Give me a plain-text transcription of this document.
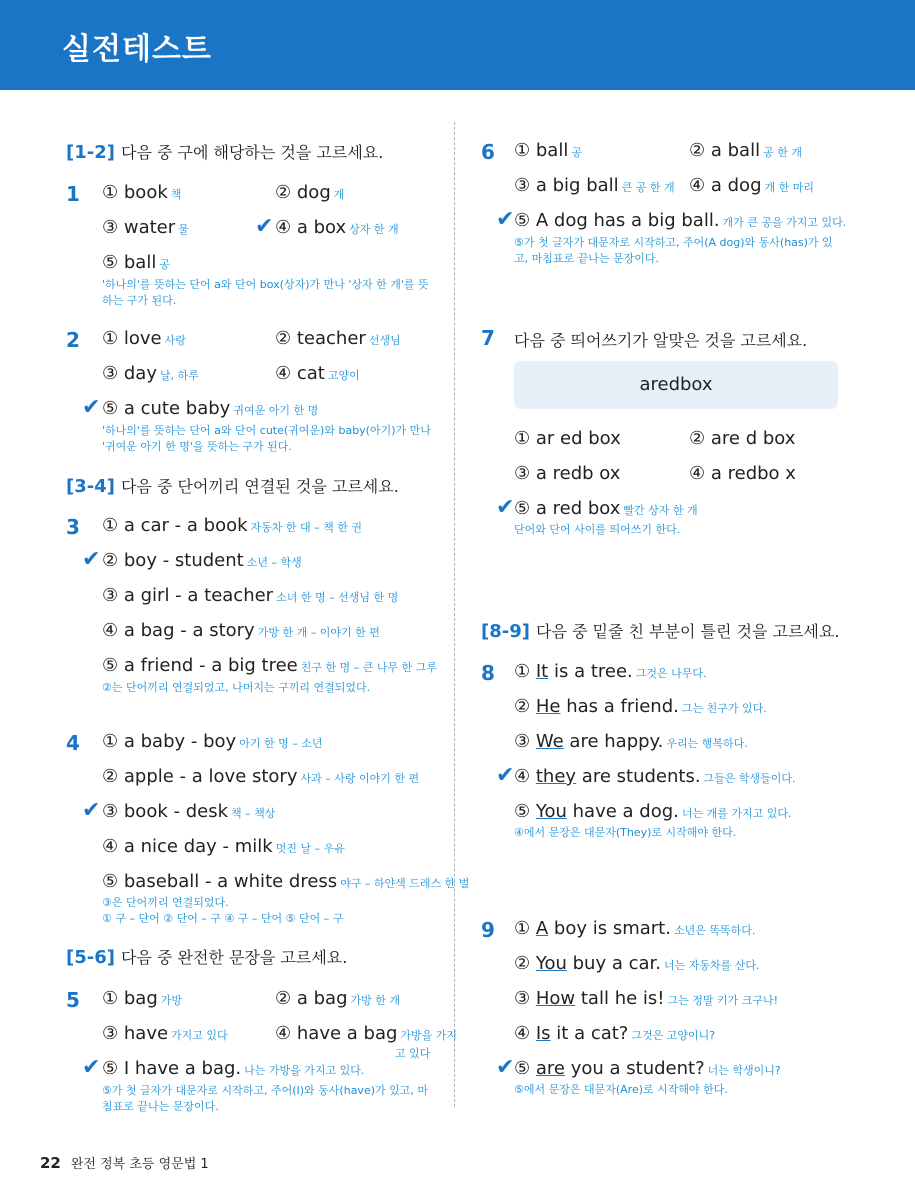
실전테스트
[1-2] 다음 중 구에 해당하는 것을 고르세요.
1 ① book 책	② dog 개
③ water 물	✔ ④ a box 상자 한 개
⑤ ball 공
'하나의'를 뜻하는 단어 a와 단어 box(상자)가 만나 '상자 한 개'를 뜻하는 구가 된다.
2 ① love 사랑	② teacher 선생님
③ day 날, 하루	④ cat 고양이
✔ ⑤ a cute baby 귀여운 아기 한 명
'하나의'를 뜻하는 단어 a와 단어 cute(귀여운)와 baby(아기)가 만나 '귀여운 아기 한 명'을 뜻하는 구가 된다.
[3-4] 다음 중 단어끼리 연결된 것을 고르세요.
3 ① a car - a book 자동차 한 대 – 책 한 권
✔ ② boy - student 소년 – 학생
③ a girl - a teacher 소녀 한 명 – 선생님 한 명
④ a bag - a story 가방 한 개 – 이야기 한 편
⑤ a friend - a big tree 친구 한 명 – 큰 나무 한 그루
②는 단어끼리 연결되었고, 나머지는 구끼리 연결되었다.
4 ① a baby - boy 아기 한 명 – 소년
② apple - a love story 사과 – 사랑 이야기 한 편
✔ ③ book - desk 책 – 책상
④ a nice day - milk 멋진 날 – 우유
⑤ baseball - a white dress 야구 – 하얀색 드레스 한 벌
③은 단어끼리 연결되었다.
① 구 – 단어 ② 단어 – 구 ④ 구 – 단어 ⑤ 단어 – 구
[5-6] 다음 중 완전한 문장을 고르세요.
5 ① bag 가방	② a bag 가방 한 개
③ have 가지고 있다	④ have a bag 가방을 가지
고 있다
✔ ⑤ I have a bag. 나는 가방을 가지고 있다.
⑤가 첫 글자가 대문자로 시작하고, 주어(I)와 동사(have)가 있고, 마침표로 끝나는 문장이다.
6 ① ball 공	② a ball 공 한 개
③ a big ball 큰 공 한 개 ④ a dog 개 한 마리
✔ ⑤ A dog has a big ball. 개가 큰 공을 가지고 있다.
⑤가 첫 글자가 대문자로 시작하고, 주어(A dog)와 동사(has)가 있고, 마침표로 끝나는 문장이다.
7 다음 중 띄어쓰기가 알맞은 것을 고르세요.
aredbox
① ar ed box	② are d box
③ a redb ox	④ a redbo x
✔ ⑤ a red box 빨간 상자 한 개
단어와 단어 사이를 띄어쓰기 한다.
[8-9] 다음 중 밑줄 친 부분이 틀린 것을 고르세요.
8 ① It is a tree. 그것은 나무다.
② He has a friend. 그는 친구가 있다.
③ We are happy. 우리는 행복하다.
✔ ④ they are students. 그들은 학생들이다.
⑤ You have a dog. 너는 개를 가지고 있다.
④에서 문장은 대문자(They)로 시작해야 한다.
9 ① A boy is smart. 소년은 똑똑하다.
② You buy a car. 너는 자동차를 산다.
③ How tall he is! 그는 정말 키가 크구나!
④ Is it a cat? 그것은 고양이니?
✔ ⑤ are you a student? 너는 학생이니?
⑤에서 문장은 대문자(Are)로 시작해야 한다.
22 완전 정복 초등 영문법 1
